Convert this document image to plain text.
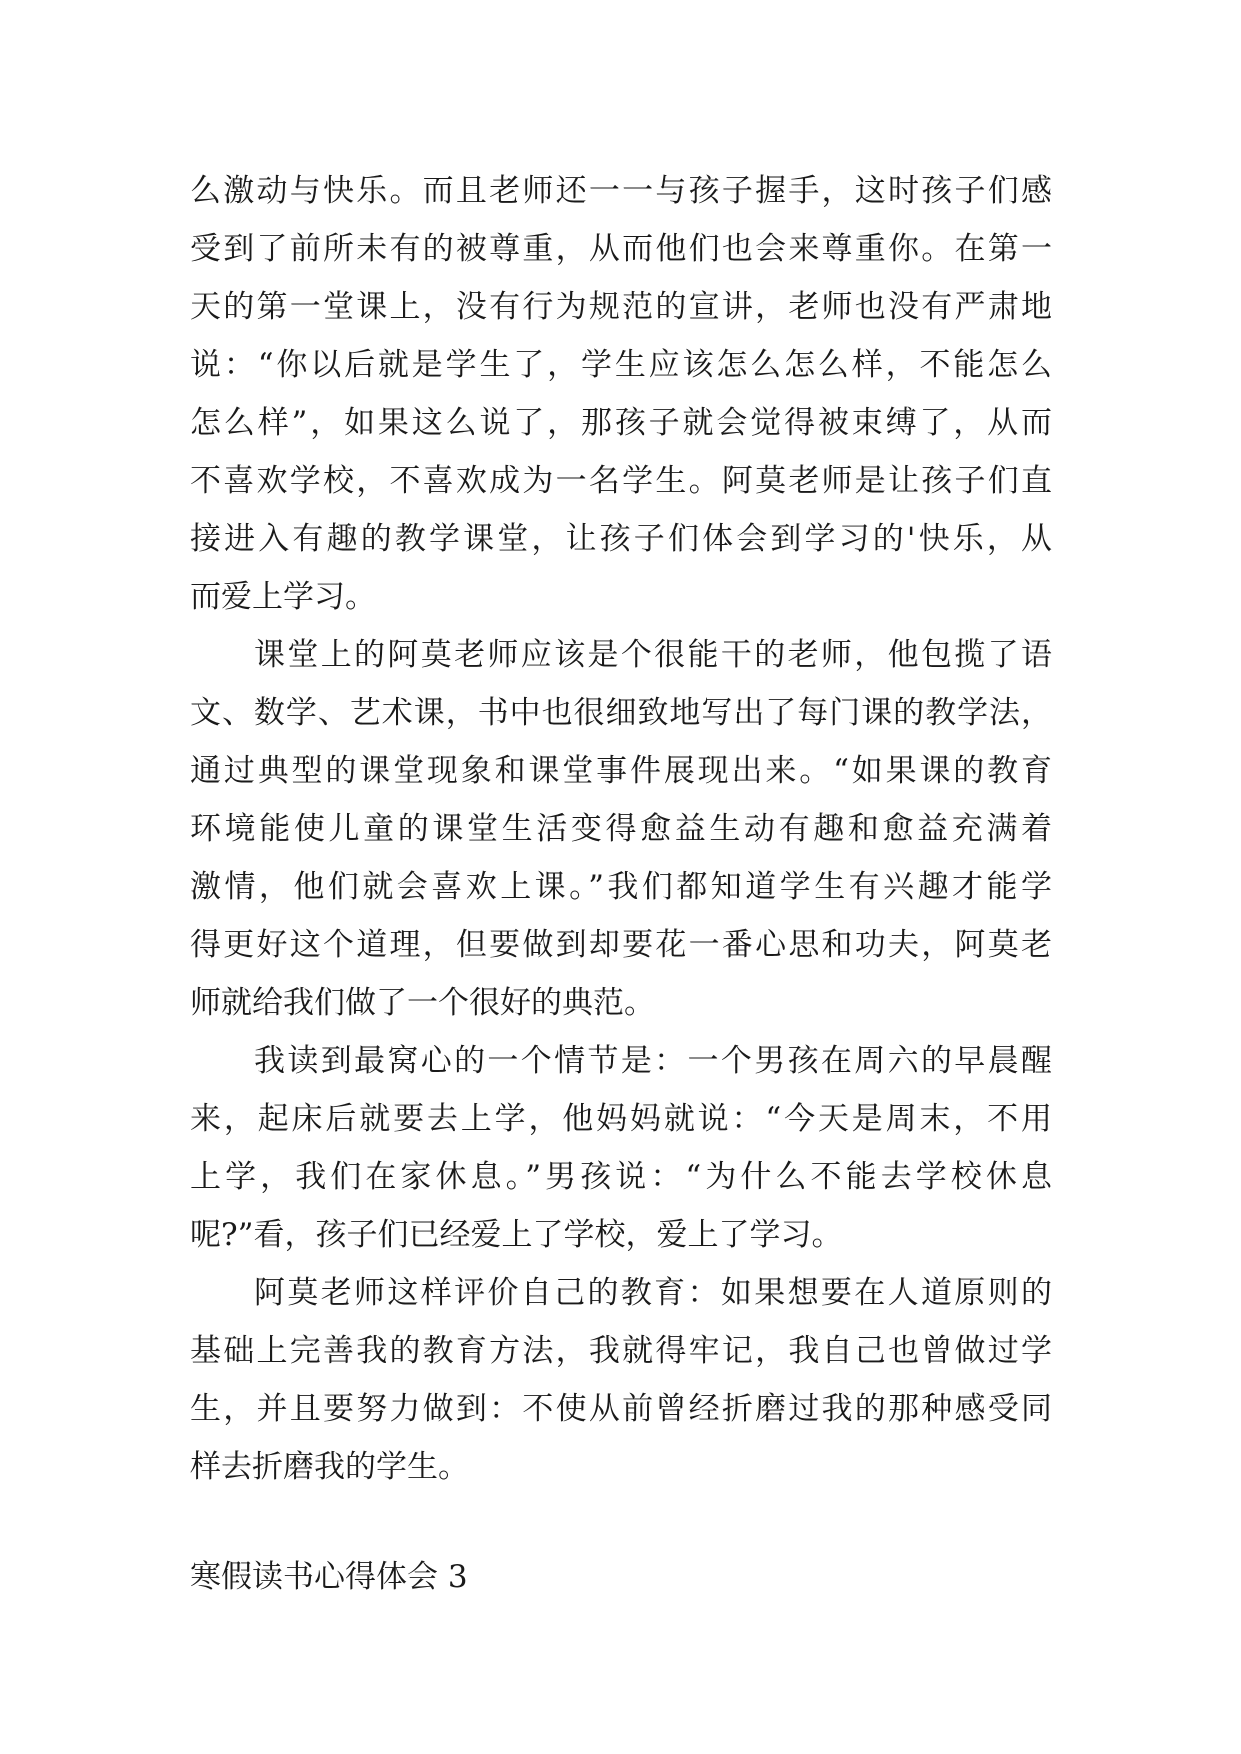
么激动与快乐。而且老师还一一与孩子握手，这时孩子们感
受到了前所未有的被尊重，从而他们也会来尊重你。在第一
天的第一堂课上，没有行为规范的宣讲，老师也没有严肃地
说：“你以后就是学生了，学生应该怎么怎么样，不能怎么
怎么样”，如果这么说了，那孩子就会觉得被束缚了，从而
不喜欢学校，不喜欢成为一名学生。阿莫老师是让孩子们直
接进入有趣的教学课堂，让孩子们体会到学习的'快乐，从
而爱上学习。
课堂上的阿莫老师应该是个很能干的老师，他包揽了语
文、数学、艺术课，书中也很细致地写出了每门课的教学法，
通过典型的课堂现象和课堂事件展现出来。“如果课的教育
环境能使儿童的课堂生活变得愈益生动有趣和愈益充满着
激情，他们就会喜欢上课。”我们都知道学生有兴趣才能学
得更好这个道理，但要做到却要花一番心思和功夫，阿莫老
师就给我们做了一个很好的典范。
我读到最窝心的一个情节是：一个男孩在周六的早晨醒
来，起床后就要去上学，他妈妈就说：“今天是周末，不用
上学，我们在家休息。”男孩说：“为什么不能去学校休息
呢?”看，孩子们已经爱上了学校，爱上了学习。
阿莫老师这样评价自己的教育：如果想要在人道原则的
基础上完善我的教育方法，我就得牢记，我自己也曾做过学
生，并且要努力做到：不使从前曾经折磨过我的那种感受同
样去折磨我的学生。
寒假读书心得体会 3
